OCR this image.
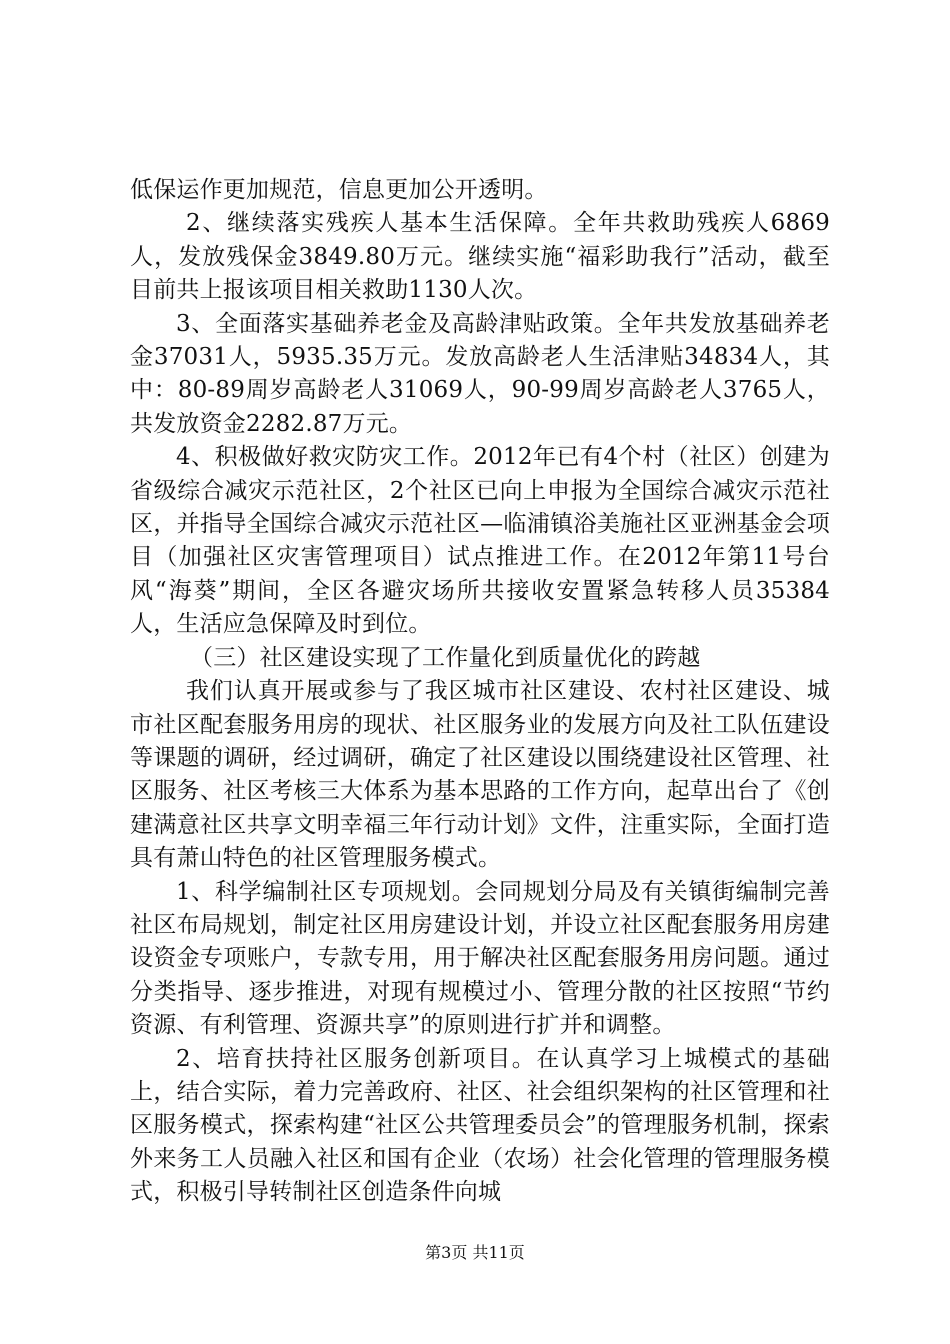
低保运作更加规范，信息更加公开透明。

2、继续落实残疾人基本生活保障。全年共救助残疾人6869人，发放残保金3849.80万元。继续实施“福彩助我行”活动，截至目前共上报该项目相关救助1130人次。

3、全面落实基础养老金及高龄津贴政策。全年共发放基础养老金37031人，5935.35万元。发放高龄老人生活津贴34834人，其中：80-89周岁高龄老人31069人，90-99周岁高龄老人3765人，共发放资金2282.87万元。

4、积极做好救灾防灾工作。2012年已有4个村（社区）创建为省级综合减灾示范社区，2个社区已向上申报为全国综合减灾示范社区，并指导全国综合减灾示范社区—临浦镇浴美施社区亚洲基金会项目（加强社区灾害管理项目）试点推进工作。在2012年第11号台风“海葵”期间，全区各避灾场所共接收安置紧急转移人员35384人，生活应急保障及时到位。

（三）社区建设实现了工作量化到质量优化的跨越

我们认真开展或参与了我区城市社区建设、农村社区建设、城市社区配套服务用房的现状、社区服务业的发展方向及社工队伍建设等课题的调研，经过调研，确定了社区建设以围绕建设社区管理、社区服务、社区考核三大体系为基本思路的工作方向，起草出台了《创建满意社区共享文明幸福三年行动计划》文件，注重实际，全面打造具有萧山特色的社区管理服务模式。

1、科学编制社区专项规划。会同规划分局及有关镇街编制完善社区布局规划，制定社区用房建设计划，并设立社区配套服务用房建设资金专项账户，专款专用，用于解决社区配套服务用房问题。通过分类指导、逐步推进，对现有规模过小、管理分散的社区按照“节约资源、有利管理、资源共享”的原则进行扩并和调整。

2、培育扶持社区服务创新项目。在认真学习上城模式的基础上，结合实际，着力完善政府、社区、社会组织架构的社区管理和社区服务模式，探索构建“社区公共管理委员会”的管理服务机制，探索外来务工人员融入社区和国有企业（农场）社会化管理的管理服务模式，积极引导转制社区创造条件向城

第3页 共11页
